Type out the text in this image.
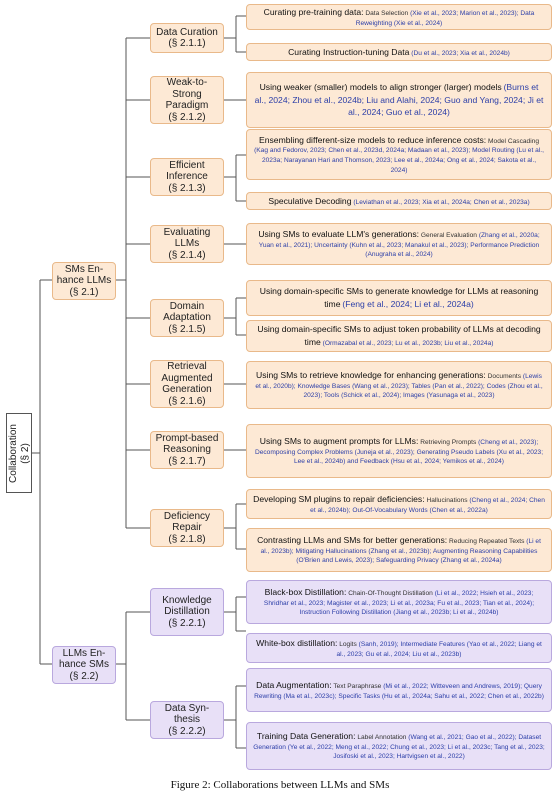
Collaboration (§ 2)
SMs En-
hance LLMs
(§ 2.1)
LLMs En-
hance SMs
(§ 2.2)
Data Curation
(§ 2.1.1)
Weak-to-
Strong
Paradigm
(§ 2.1.2)
Efficient
Inference
(§ 2.1.3)
Evaluating
LLMs
(§ 2.1.4)
Domain
Adaptation
(§ 2.1.5)
Retrieval
Augmented
Generation
(§ 2.1.6)
Prompt-based
Reasoning
(§ 2.1.7)
Deficiency
Repair
(§ 2.1.8)
Knowledge
Distillation
(§ 2.2.1)
Data Syn-
thesis
(§ 2.2.2)
Curating pre-training data: Data Selection (Xie et al., 2023; Marion et al., 2023); Data Reweighting (Xie et al., 2024)
Curating Instruction-tuning Data (Du et al., 2023; Xia et al., 2024b)
Using weaker (smaller) models to align stronger (larger) models (Burns et al., 2024; Zhou et al., 2024b; Liu and Alahi, 2024; Guo and Yang, 2024; Ji et al., 2024; Guo et al., 2024)
Ensembling different-size models to reduce inference costs: Model Cascading (Kag and Fedorov, 2023; Chen et al., 2023d, 2024a; Madaan et al., 2023); Model Routing (Lu et al., 2023a; Narayanan Hari and Thomson, 2023; Lee et al., 2024a; Ong et al., 2024; Sakota et al., 2024)
Speculative Decoding (Leviathan et al., 2023; Xia et al., 2024a; Chen et al., 2023a)
Using SMs to evaluate LLM's generations: General Evaluation (Zhang et al., 2020a; Yuan et al., 2021); Uncertainty (Kuhn et al., 2023; Manakul et al., 2023); Performance Prediction (Anugraha et al., 2024)
Using domain-specific SMs to generate knowledge for LLMs at reasoning time (Feng et al., 2024; Li et al., 2024a)
Using domain-specific SMs to adjust token probability of LLMs at decoding time (Ormazabal et al., 2023; Lu et al., 2023b; Liu et al., 2024a)
Using SMs to retrieve knowledge for enhancing generations: Documents (Lewis et al., 2020b); Knowledge Bases (Wang et al., 2023); Tables (Pan et al., 2022); Codes (Zhou et al., 2023); Tools (Schick et al., 2024); Images (Yasunaga et al., 2023)
Using SMs to augment prompts for LLMs: Retrieving Prompts (Cheng et al., 2023); Decomposing Complex Problems (Juneja et al., 2023); Generating Pseudo Labels (Xu et al., 2023; Lee et al., 2024b) and Feedback (Hsu et al., 2024; Yemikos et al., 2024)
Developing SM plugins to repair deficiencies: Hallucinations (Cheng et al., 2024; Chen et al., 2024b); Out-Of-Vocabulary Words (Chen et al., 2022a)
Contrasting LLMs and SMs for better generations: Reducing Repeated Texts (Li et al., 2023b); Mitigating Hallucinations (Zhang et al., 2023b); Augmenting Reasoning Capabilities (O'Brien and Lewis, 2023); Safeguarding Privacy (Zhang et al., 2024a)
Black-box Distillation: Chain-Of-Thought Distillation (Li et al., 2022; Hsieh et al., 2023; Shridhar et al., 2023; Magister et al., 2023; Li et al., 2023a; Fu et al., 2023; Tian et al., 2024); Instruction Following Distillation (Jiang et al., 2023b; Li et al., 2024b)
White-box distillation: Logits (Sanh, 2019); Intermediate Features (Yao et al., 2022; Liang et al., 2023; Gu et al., 2024; Liu et al., 2023b)
Data Augmentation: Text Paraphrase (Mi et al., 2022; Witteveen and Andrews, 2019); Query Rewriting (Ma et al., 2023c); Specific Tasks (Hu et al., 2024a; Sahu et al., 2022; Chen et al., 2022b)
Training Data Generation: Label Annotation (Wang et al., 2021; Gao et al., 2022); Dataset Generation (Ye et al., 2022; Meng et al., 2022; Chung et al., 2023; Li et al., 2023c; Tang et al., 2023; Josifoski et al., 2023; Hartvigsen et al., 2022)
Figure 2: Collaborations between LLMs and SMs
